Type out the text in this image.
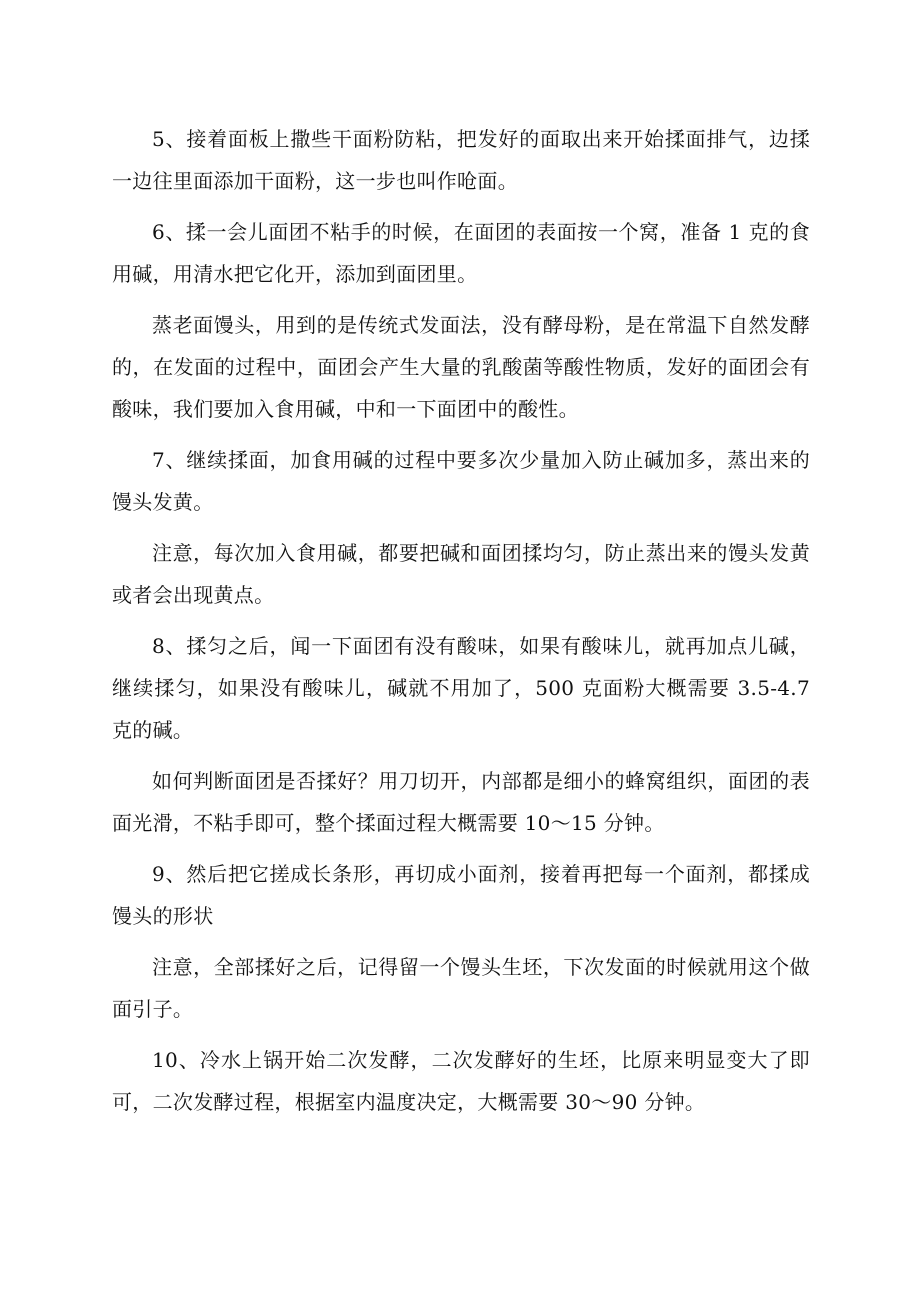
5、接着面板上撒些干面粉防粘，把发好的面取出来开始揉面排气，边揉一边往里面添加干面粉，这一步也叫作呛面。

6、揉一会儿面团不粘手的时候，在面团的表面按一个窝，准备 1 克的食用碱，用清水把它化开，添加到面团里。

蒸老面馒头，用到的是传统式发面法，没有酵母粉，是在常温下自然发酵的，在发面的过程中，面团会产生大量的乳酸菌等酸性物质，发好的面团会有酸味，我们要加入食用碱，中和一下面团中的酸性。

7、继续揉面，加食用碱的过程中要多次少量加入防止碱加多，蒸出来的馒头发黄。

注意，每次加入食用碱，都要把碱和面团揉均匀，防止蒸出来的馒头发黄或者会出现黄点。

8、揉匀之后，闻一下面团有没有酸味，如果有酸味儿，就再加点儿碱，继续揉匀，如果没有酸味儿，碱就不用加了，500 克面粉大概需要 3.5-4.7 克的碱。

如何判断面团是否揉好？用刀切开，内部都是细小的蜂窝组织，面团的表面光滑，不粘手即可，整个揉面过程大概需要 10～15 分钟。

9、然后把它搓成长条形，再切成小面剂，接着再把每一个面剂，都揉成馒头的形状

注意，全部揉好之后，记得留一个馒头生坯，下次发面的时候就用这个做面引子。

10、冷水上锅开始二次发酵，二次发酵好的生坯，比原来明显变大了即可，二次发酵过程，根据室内温度决定，大概需要 30～90 分钟。
